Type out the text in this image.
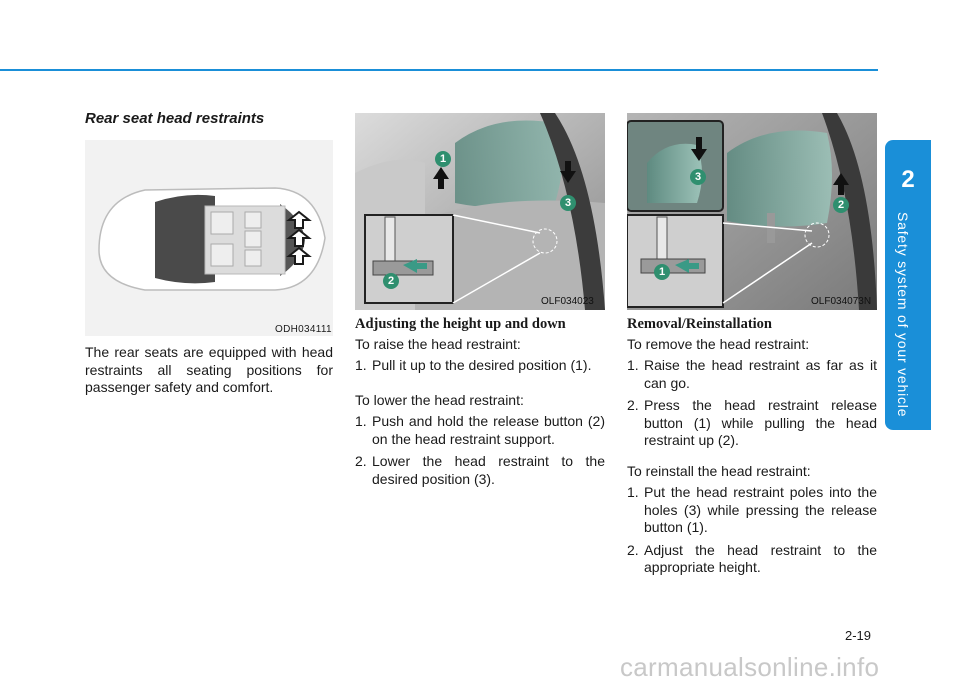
2
Safety system of your vehicle
Rear seat head restraints
ODH034111
The rear seats are equipped with head restraints all seating positions for passenger safety and comfort.
1
2
3
OLF034023
Adjusting the height up and down
To raise the head restraint:
1. Pull it up to the desired position (1).
To lower the head restraint:
1. Push and hold the release button (2) on the head restraint support.
2. Lower the head restraint to the desired position (3).
1
2
3
OLF034073N
Removal/Reinstallation
To remove the head restraint:
1. Raise the head restraint as far as it can go.
2. Press the head restraint release button (1) while pulling the head restraint up (2).
To reinstall the head restraint:
1. Put the head restraint poles into the holes (3) while pressing the release button (1).
2. Adjust the head restraint to the appropriate height.
2-19
carmanualsonline.info
